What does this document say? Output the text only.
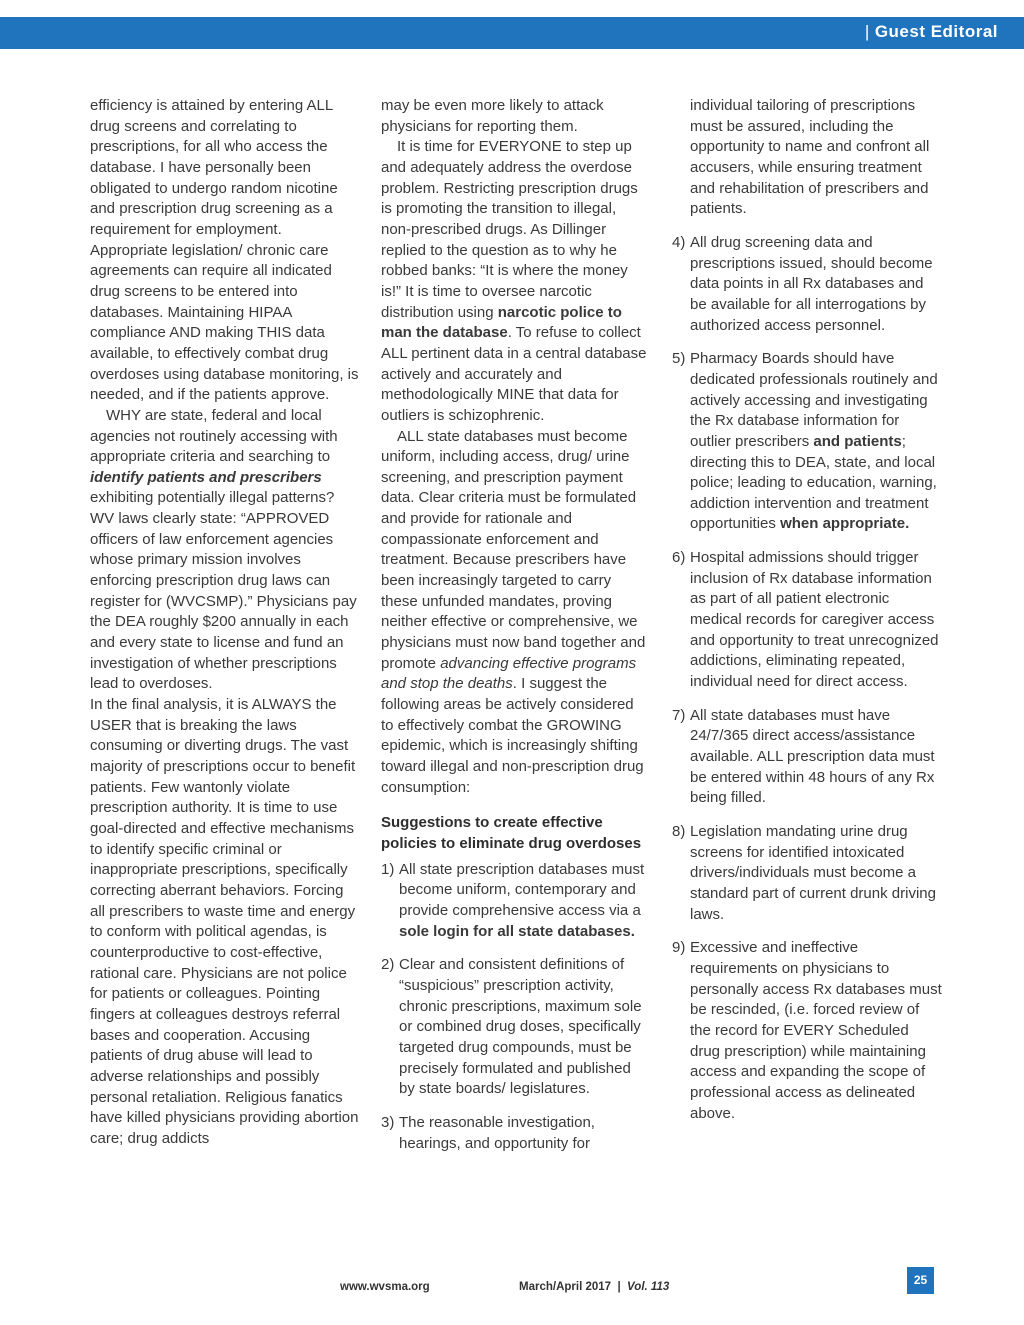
| Guest Editoral

efficiency is attained by entering ALL drug screens and correlating to prescriptions, for all who access the database. I have personally been obligated to undergo random nicotine and prescription drug screening as a requirement for employment. Appropriate legislation/ chronic care agreements can require all indicated drug screens to be entered into databases. Maintaining HIPAA compliance AND making THIS data available, to effectively combat drug overdoses using database monitoring, is needed, and if the patients approve.

WHY are state, federal and local agencies not routinely accessing with appropriate criteria and searching to identify patients and prescribers exhibiting potentially illegal patterns? WV laws clearly state: “APPROVED officers of law enforcement agencies whose primary mission involves enforcing prescription drug laws can register for (WVCSMP).” Physicians pay the DEA roughly $200 annually in each and every state to license and fund an investigation of whether prescriptions lead to overdoses.

In the final analysis, it is ALWAYS the USER that is breaking the laws consuming or diverting drugs. The vast majority of prescriptions occur to benefit patients. Few wantonly violate prescription authority. It is time to use goal-directed and effective mechanisms to identify specific criminal or inappropriate prescriptions, specifically correcting aberrant behaviors. Forcing all prescribers to waste time and energy to conform with political agendas, is counterproductive to cost-effective, rational care. Physicians are not police for patients or colleagues. Pointing fingers at colleagues destroys referral bases and cooperation. Accusing patients of drug abuse will lead to adverse relationships and possibly personal retaliation. Religious fanatics have killed physicians providing abortion care; drug addicts

may be even more likely to attack physicians for reporting them.

It is time for EVERYONE to step up and adequately address the overdose problem. Restricting prescription drugs is promoting the transition to illegal, non-prescribed drugs. As Dillinger replied to the question as to why he robbed banks: “It is where the money is!” It is time to oversee narcotic distribution using narcotic police to man the database. To refuse to collect ALL pertinent data in a central database actively and accurately and methodologically MINE that data for outliers is schizophrenic.

ALL state databases must become uniform, including access, drug/ urine screening, and prescription payment data. Clear criteria must be formulated and provide for rationale and compassionate enforcement and treatment. Because prescribers have been increasingly targeted to carry these unfunded mandates, proving neither effective or comprehensive, we physicians must now band together and promote advancing effective programs and stop the deaths. I suggest the following areas be actively considered to effectively combat the GROWING epidemic, which is increasingly shifting toward illegal and non-prescription drug consumption:

Suggestions to create effective policies to eliminate drug overdoses

1) All state prescription databases must become uniform, contemporary and provide comprehensive access via a sole login for all state databases.
2) Clear and consistent definitions of “suspicious” prescription activity, chronic prescriptions, maximum sole or combined drug doses, specifically targeted drug compounds, must be precisely formulated and published by state boards/ legislatures.
3) The reasonable investigation, hearings, and opportunity for
individual tailoring of prescriptions must be assured, including the opportunity to name and confront all accusers, while ensuring treatment and rehabilitation of prescribers and patients.
4) All drug screening data and prescriptions issued, should become data points in all Rx databases and be available for all interrogations by authorized access personnel.
5) Pharmacy Boards should have dedicated professionals routinely and actively accessing and investigating the Rx database information for outlier prescribers and patients; directing this to DEA, state, and local police; leading to education, warning, addiction intervention and treatment opportunities when appropriate.
6) Hospital admissions should trigger inclusion of Rx database information as part of all patient electronic medical records for caregiver access and opportunity to treat unrecognized addictions, eliminating repeated, individual need for direct access.
7) All state databases must have 24/7/365 direct access/assistance available. ALL prescription data must be entered within 48 hours of any Rx being filled.
8) Legislation mandating urine drug screens for identified intoxicated drivers/individuals must become a standard part of current drunk driving laws.
9) Excessive and ineffective requirements on physicians to personally access Rx databases must be rescinded, (i.e. forced review of the record for EVERY Scheduled drug prescription) while maintaining access and expanding the scope of professional access as delineated above.
www.wvsma.org	March/April 2017 | Vol. 113	25
